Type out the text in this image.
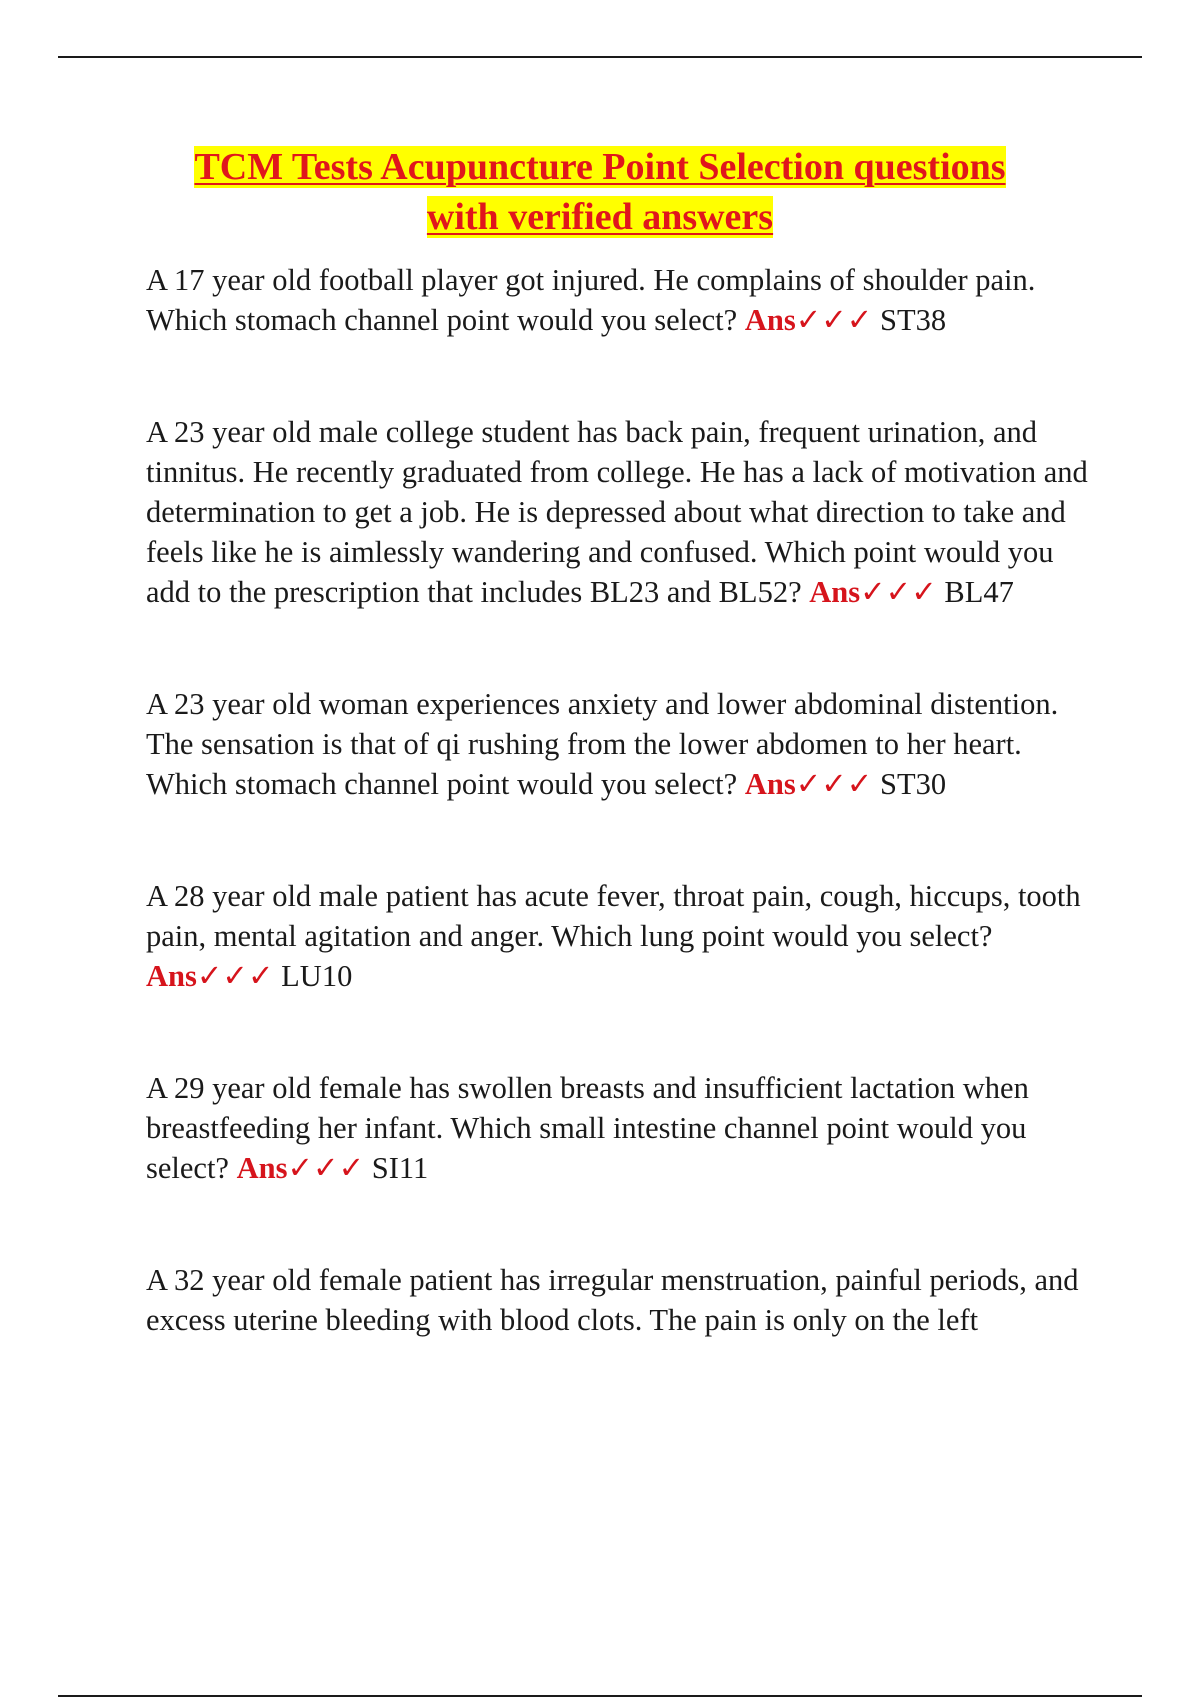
TCM Tests Acupuncture Point Selection questions
with verified answers

A 17 year old football player got injured. He complains of shoulder pain. Which stomach channel point would you select? Ans✓✓✓ ST38

A 23 year old male college student has back pain, frequent urination, and tinnitus. He recently graduated from college. He has a lack of motivation and determination to get a job. He is depressed about what direction to take and feels like he is aimlessly wandering and confused. Which point would you add to the prescription that includes BL23 and BL52? Ans✓✓✓ BL47

A 23 year old woman experiences anxiety and lower abdominal distention. The sensation is that of qi rushing from the lower abdomen to her heart. Which stomach channel point would you select? Ans✓✓✓ ST30

A 28 year old male patient has acute fever, throat pain, cough, hiccups, tooth pain, mental agitation and anger. Which lung point would you select? Ans✓✓✓ LU10

A 29 year old female has swollen breasts and insufficient lactation when breastfeeding her infant. Which small intestine channel point would you select? Ans✓✓✓ SI11

A 32 year old female patient has irregular menstruation, painful periods, and excess uterine bleeding with blood clots. The pain is only on the left
